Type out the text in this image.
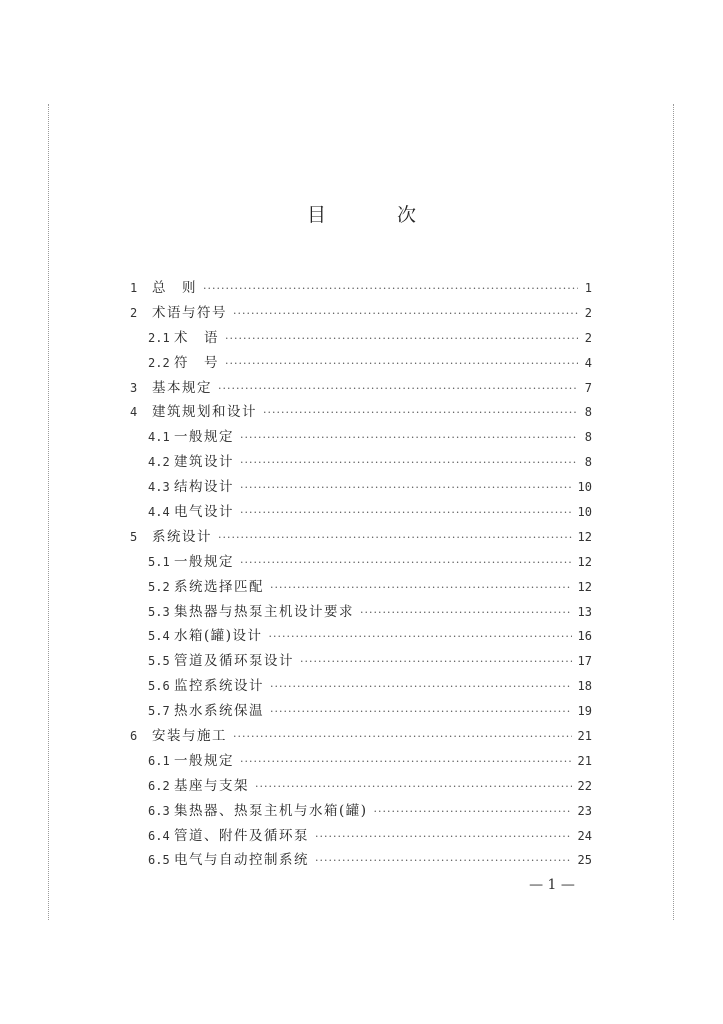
目　次
1	总　则 ·····	1
2	术语与符号 ·····	2
2.1 术　语 ·····	2
2.2 符　号 ·····	4
3	基本规定 ·····	7
4	建筑规划和设计 ·····	8
4.1 一般规定 ·····	8
4.2 建筑设计 ·····	8
4.3 结构设计 ·····	10
4.4 电气设计 ·····	10
5	系统设计 ·····	12
5.1 一般规定 ·····	12
5.2 系统选择匹配 ·····	12
5.3 集热器与热泵主机设计要求 ·····	13
5.4 水箱(罐)设计 ·····	16
5.5 管道及循环泵设计 ·····	17
5.6 监控系统设计 ·····	18
5.7 热水系统保温 ·····	19
6	安装与施工 ·····	21
6.1 一般规定 ·····	21
6.2 基座与支架 ·····	22
6.3 集热器、热泵主机与水箱(罐) ·····	23
6.4 管道、附件及循环泵 ·····	24
6.5 电气与自动控制系统 ·····	25
— 1 —
